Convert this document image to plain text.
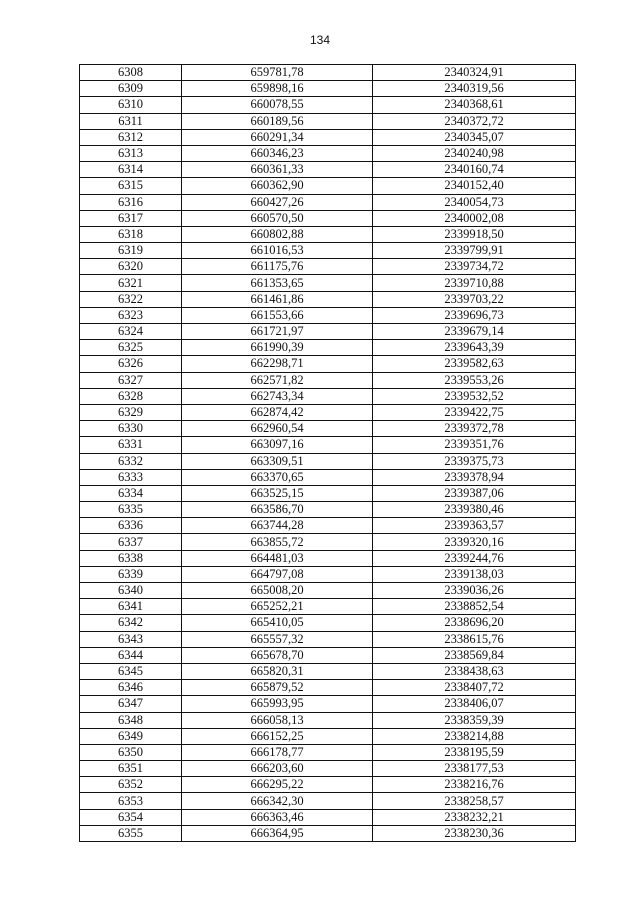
134
6308	659781,78	2340324,91
6309	659898,16	2340319,56
6310	660078,55	2340368,61
6311	660189,56	2340372,72
6312	660291,34	2340345,07
6313	660346,23	2340240,98
6314	660361,33	2340160,74
6315	660362,90	2340152,40
6316	660427,26	2340054,73
6317	660570,50	2340002,08
6318	660802,88	2339918,50
6319	661016,53	2339799,91
6320	661175,76	2339734,72
6321	661353,65	2339710,88
6322	661461,86	2339703,22
6323	661553,66	2339696,73
6324	661721,97	2339679,14
6325	661990,39	2339643,39
6326	662298,71	2339582,63
6327	662571,82	2339553,26
6328	662743,34	2339532,52
6329	662874,42	2339422,75
6330	662960,54	2339372,78
6331	663097,16	2339351,76
6332	663309,51	2339375,73
6333	663370,65	2339378,94
6334	663525,15	2339387,06
6335	663586,70	2339380,46
6336	663744,28	2339363,57
6337	663855,72	2339320,16
6338	664481,03	2339244,76
6339	664797,08	2339138,03
6340	665008,20	2339036,26
6341	665252,21	2338852,54
6342	665410,05	2338696,20
6343	665557,32	2338615,76
6344	665678,70	2338569,84
6345	665820,31	2338438,63
6346	665879,52	2338407,72
6347	665993,95	2338406,07
6348	666058,13	2338359,39
6349	666152,25	2338214,88
6350	666178,77	2338195,59
6351	666203,60	2338177,53
6352	666295,22	2338216,76
6353	666342,30	2338258,57
6354	666363,46	2338232,21
6355	666364,95	2338230,36
